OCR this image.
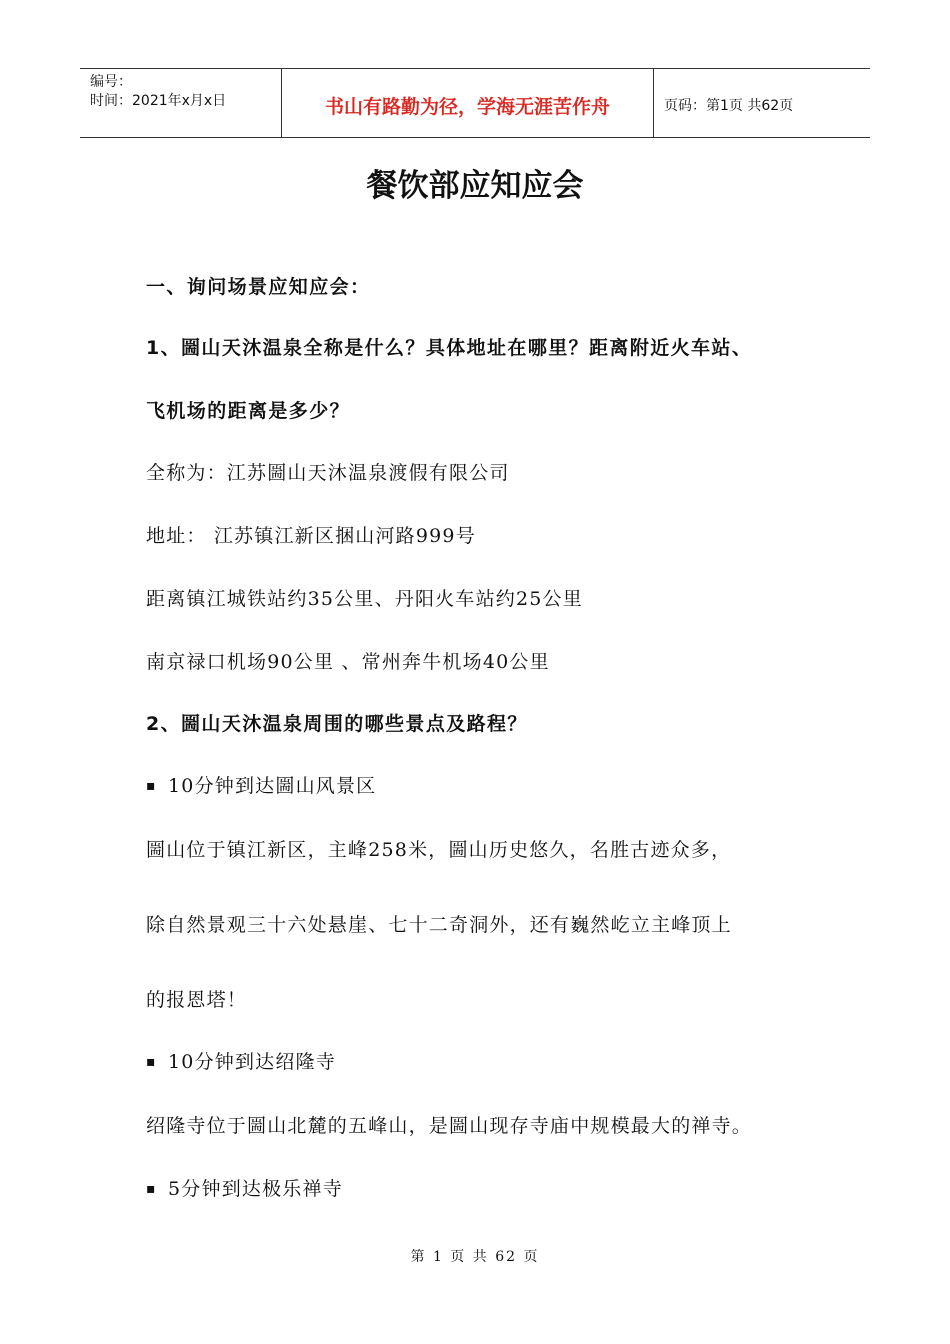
编号：
时间：2021年x月x日	书山有路勤为径，学海无涯苦作舟	页码：第1页 共62页
餐饮部应知应会
一、询问场景应知应会：
1、圌山天沐温泉全称是什么？具体地址在哪里？距离附近火车站、
飞机场的距离是多少？
全称为：江苏圌山天沐温泉渡假有限公司
地址： 江苏镇江新区捆山河路999号
距离镇江城铁站约35公里、丹阳火车站约25公里
南京禄口机场90公里 、常州奔牛机场40公里
2、圌山天沐温泉周围的哪些景点及路程？
▪ 10分钟到达圌山风景区
圌山位于镇江新区，主峰258米，圌山历史悠久，名胜古迹众多，
除自然景观三十六处悬崖、七十二奇洞外，还有巍然屹立主峰顶上
的报恩塔！
▪ 10分钟到达绍隆寺
绍隆寺位于圌山北麓的五峰山，是圌山现存寺庙中规模最大的禅寺。
▪ 5分钟到达极乐禅寺
第 1 页 共 62 页
